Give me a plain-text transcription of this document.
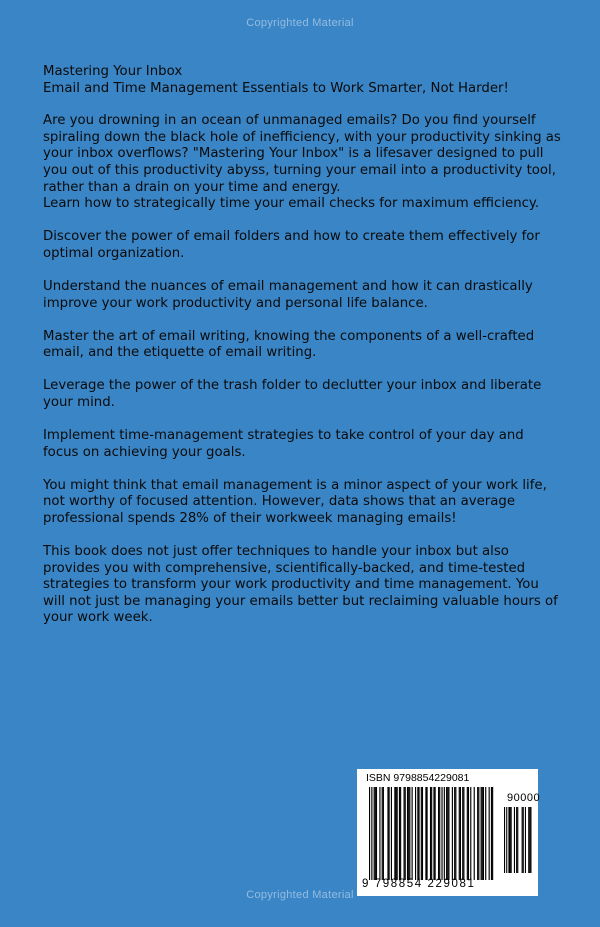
Copyrighted Material
Mastering Your Inbox
Email and Time Management Essentials to Work Smarter, Not Harder!

Are you drowning in an ocean of unmanaged emails? Do you find yourself spiraling down the black hole of inefficiency, with your productivity sinking as your inbox overflows? "Mastering Your Inbox" is a lifesaver designed to pull you out of this productivity abyss, turning your email into a productivity tool, rather than a drain on your time and energy.

Learn how to strategically time your email checks for maximum efficiency.

Discover the power of email folders and how to create them effectively for optimal organization.

Understand the nuances of email management and how it can drastically improve your work productivity and personal life balance.

Master the art of email writing, knowing the components of a well-crafted email, and the etiquette of email writing.

Leverage the power of the trash folder to declutter your inbox and liberate your mind.

Implement time-management strategies to take control of your day and focus on achieving your goals.

You might think that email management is a minor aspect of your work life, not worthy of focused attention. However, data shows that an average professional spends 28% of their workweek managing emails!

This book does not just offer techniques to handle your inbox but also provides you with comprehensive, scientifically-backed, and time-tested strategies to transform your work productivity and time management. You will not just be managing your emails better but reclaiming valuable hours of your work week.

ISBN 9798854229081
90000
9 798854 229081
Copyrighted Material
